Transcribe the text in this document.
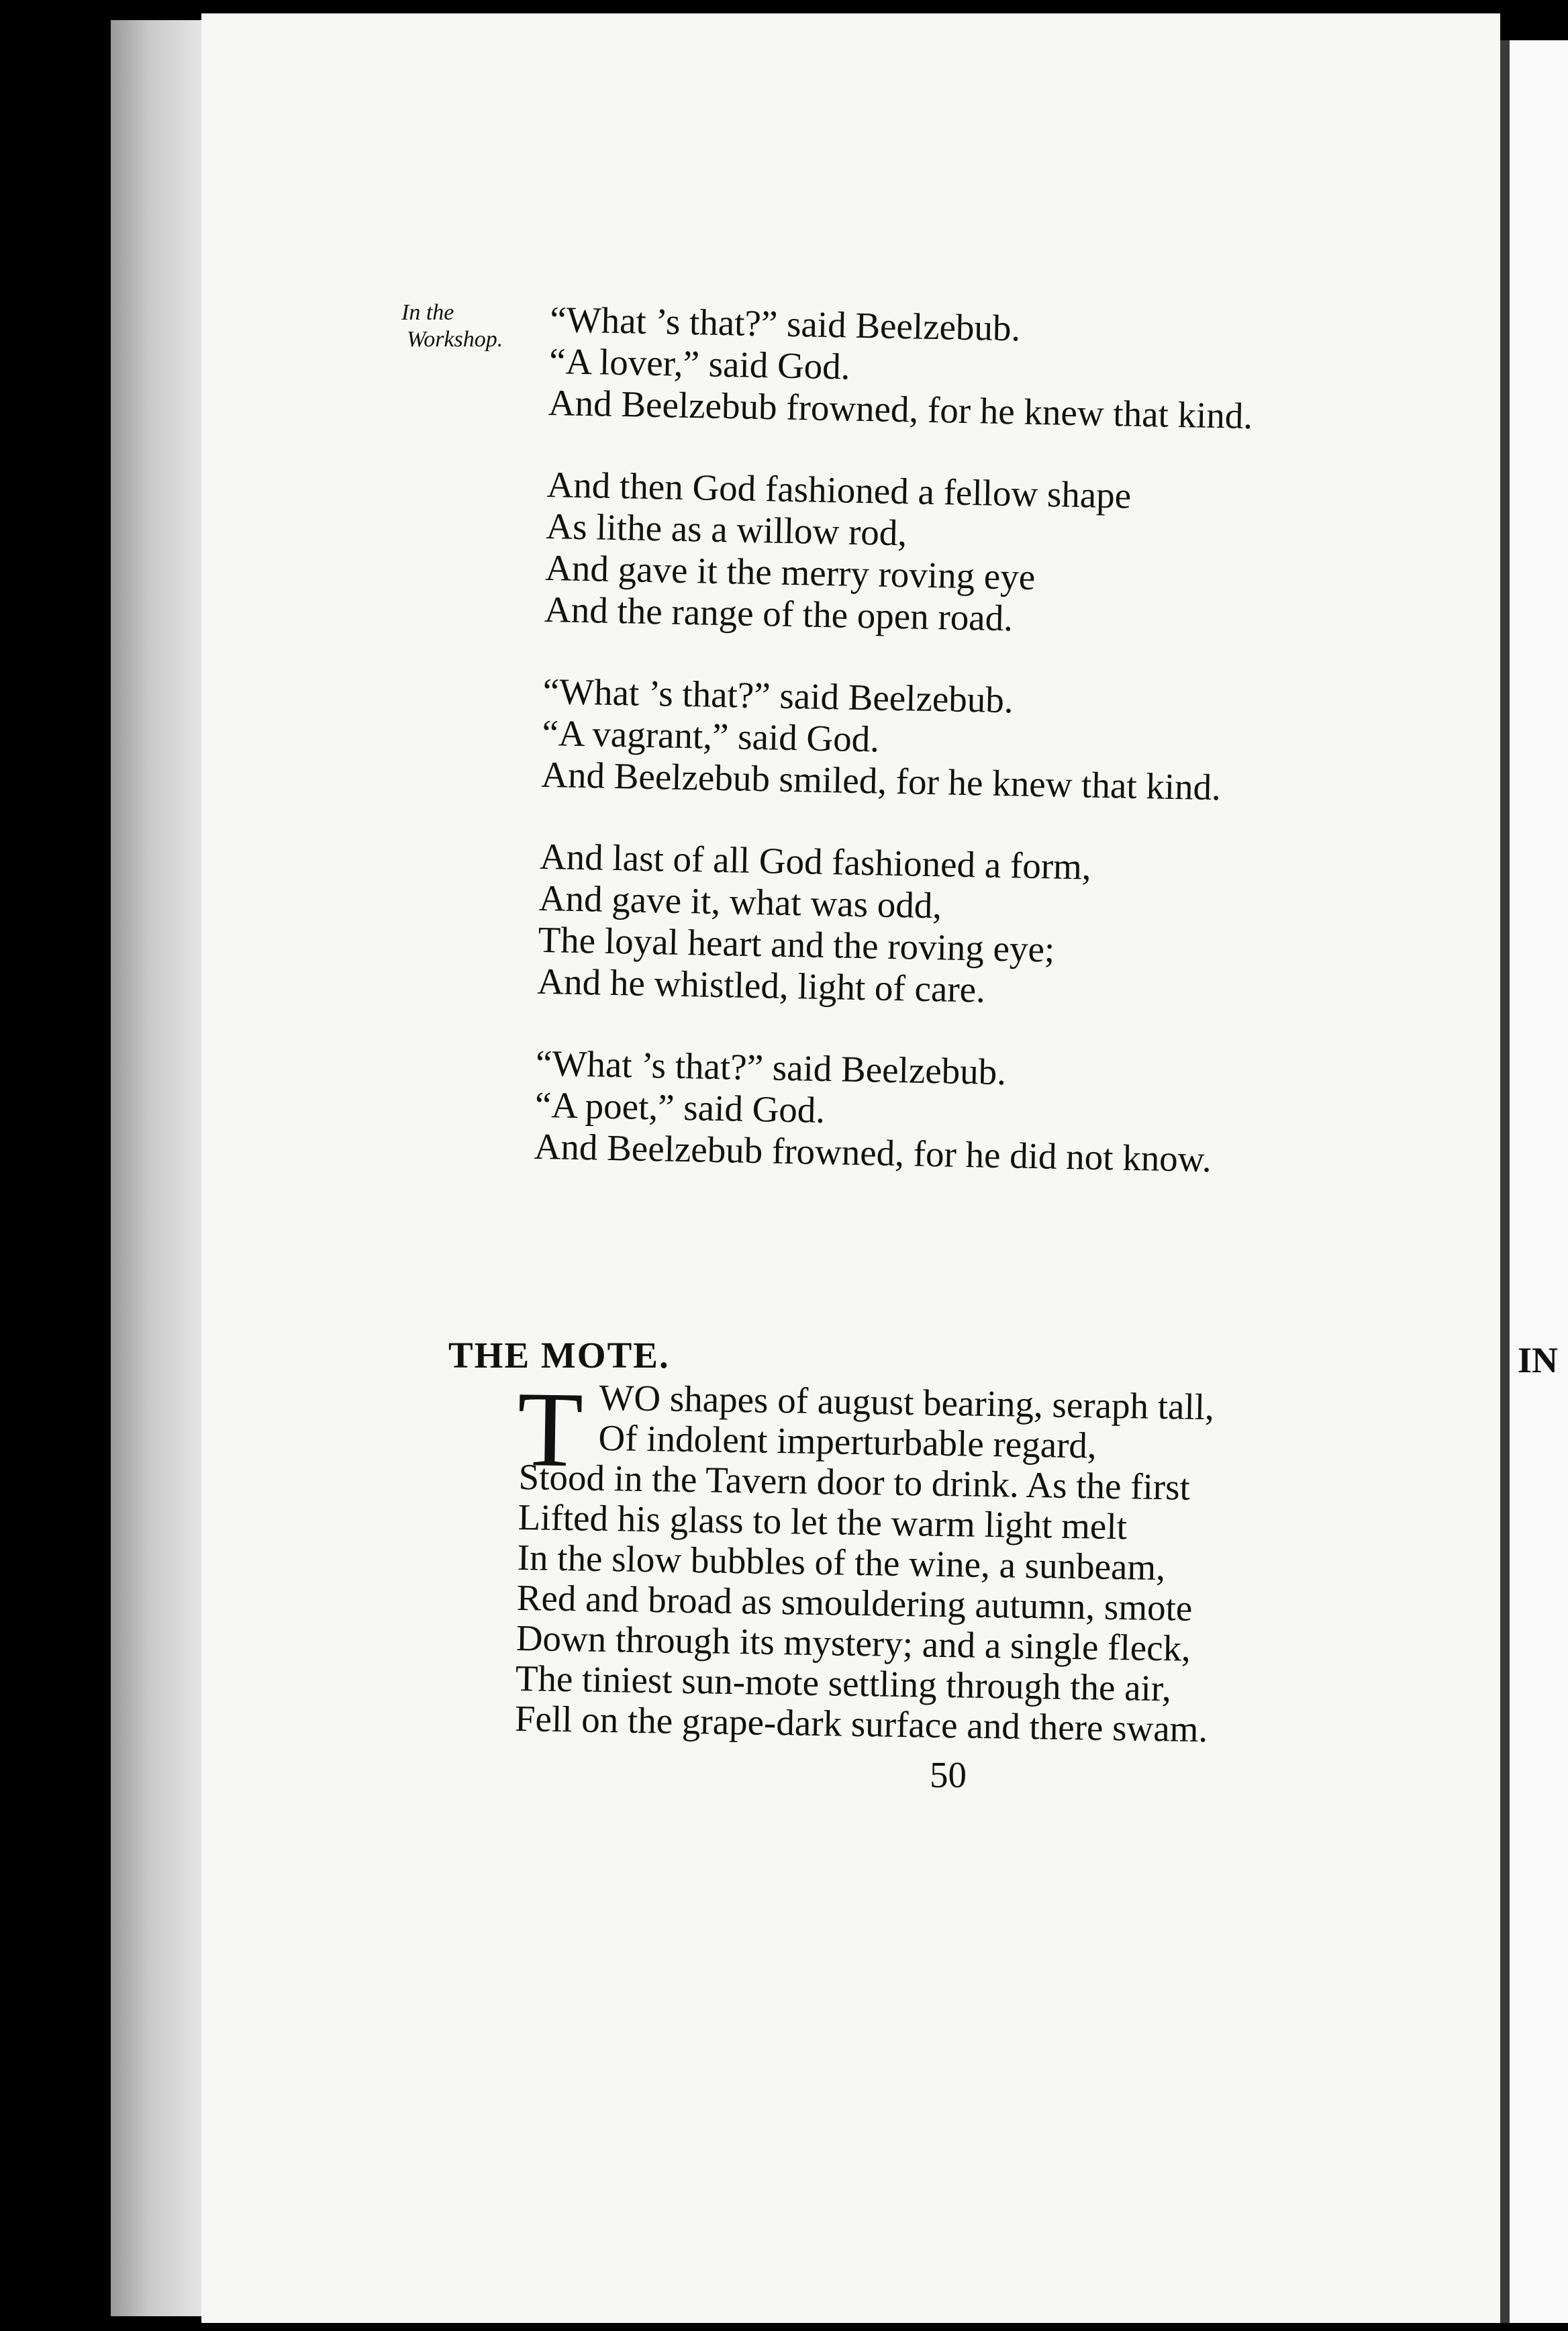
IN
In the
Workshop. “What ’s that?” said Beelzebub.
“A lover,” said God.
And Beelzebub frowned, for he knew that kind.
And then God fashioned a fellow shape
As lithe as a willow rod,
And gave it the merry roving eye
And the range of the open road.
“What ’s that?” said Beelzebub.
“A vagrant,” said God.
And Beelzebub smiled, for he knew that kind.
And last of all God fashioned a form,
And gave it, what was odd,
The loyal heart and the roving eye;
And he whistled, light of care.
“What ’s that?” said Beelzebub.
“A poet,” said God.
And Beelzebub frowned, for he did not know.
THE MOTE.
T WO shapes of august bearing, seraph tall,
Of indolent imperturbable regard,
Stood in the Tavern door to drink. As the first
Lifted his glass to let the warm light melt
In the slow bubbles of the wine, a sunbeam,
Red and broad as smouldering autumn, smote
Down through its mystery; and a single fleck,
The tiniest sun-mote settling through the air,
Fell on the grape-dark surface and there swam.
50
